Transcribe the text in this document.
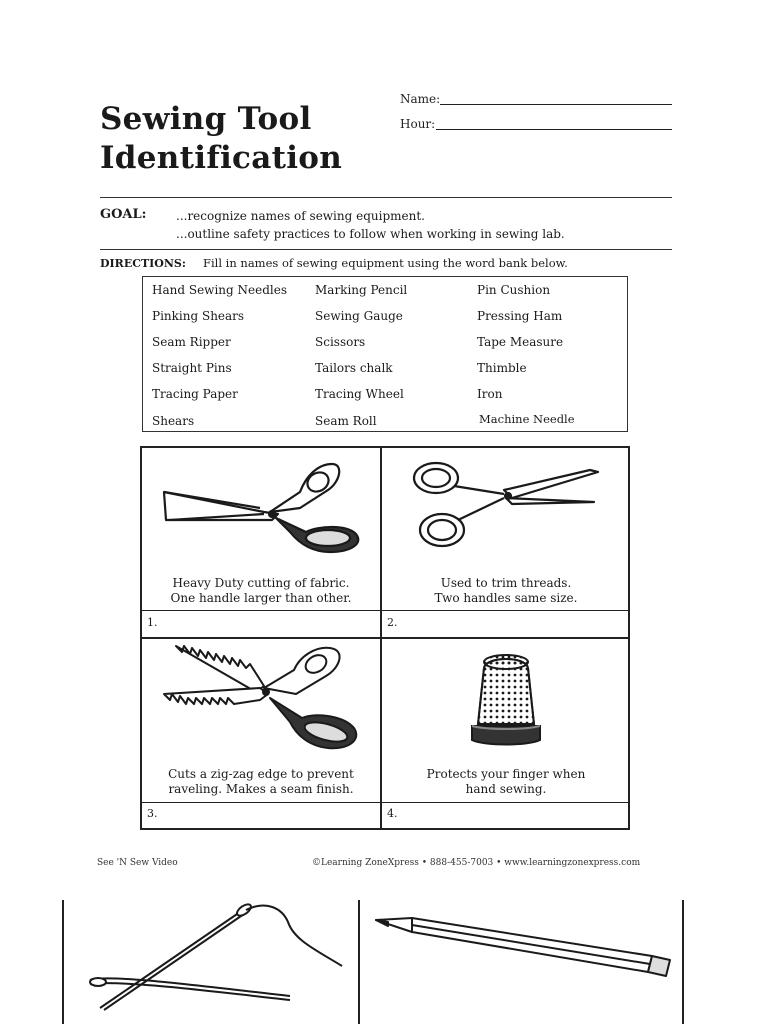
Sewing Tool
Identification
Name:
Hour:
GOAL: ...recognize names of sewing equipment.
...outline safety practices to follow when working in sewing lab.
DIRECTIONS: Fill in names of sewing equipment using the word bank below.
Hand Sewing Needles
Pinking Shears
Seam Ripper
Straight Pins
Tracing Paper
Shears
Marking Pencil
Sewing Gauge
Scissors
Tailors chalk
Tracing Wheel
Seam Roll
Pin Cushion
Pressing Ham
Tape Measure
Thimble
Iron
Machine Needle
Heavy Duty cutting of fabric.
One handle larger than other.
1.
Used to trim threads.
Two handles same size.
2.
Cuts a zig-zag edge to prevent
raveling. Makes a seam finish.
3.
Protects your finger when
hand sewing.
4.
See 'N Sew Video	©Learning ZoneXpress • 888-455-7003 • www.learningzonexpress.com
